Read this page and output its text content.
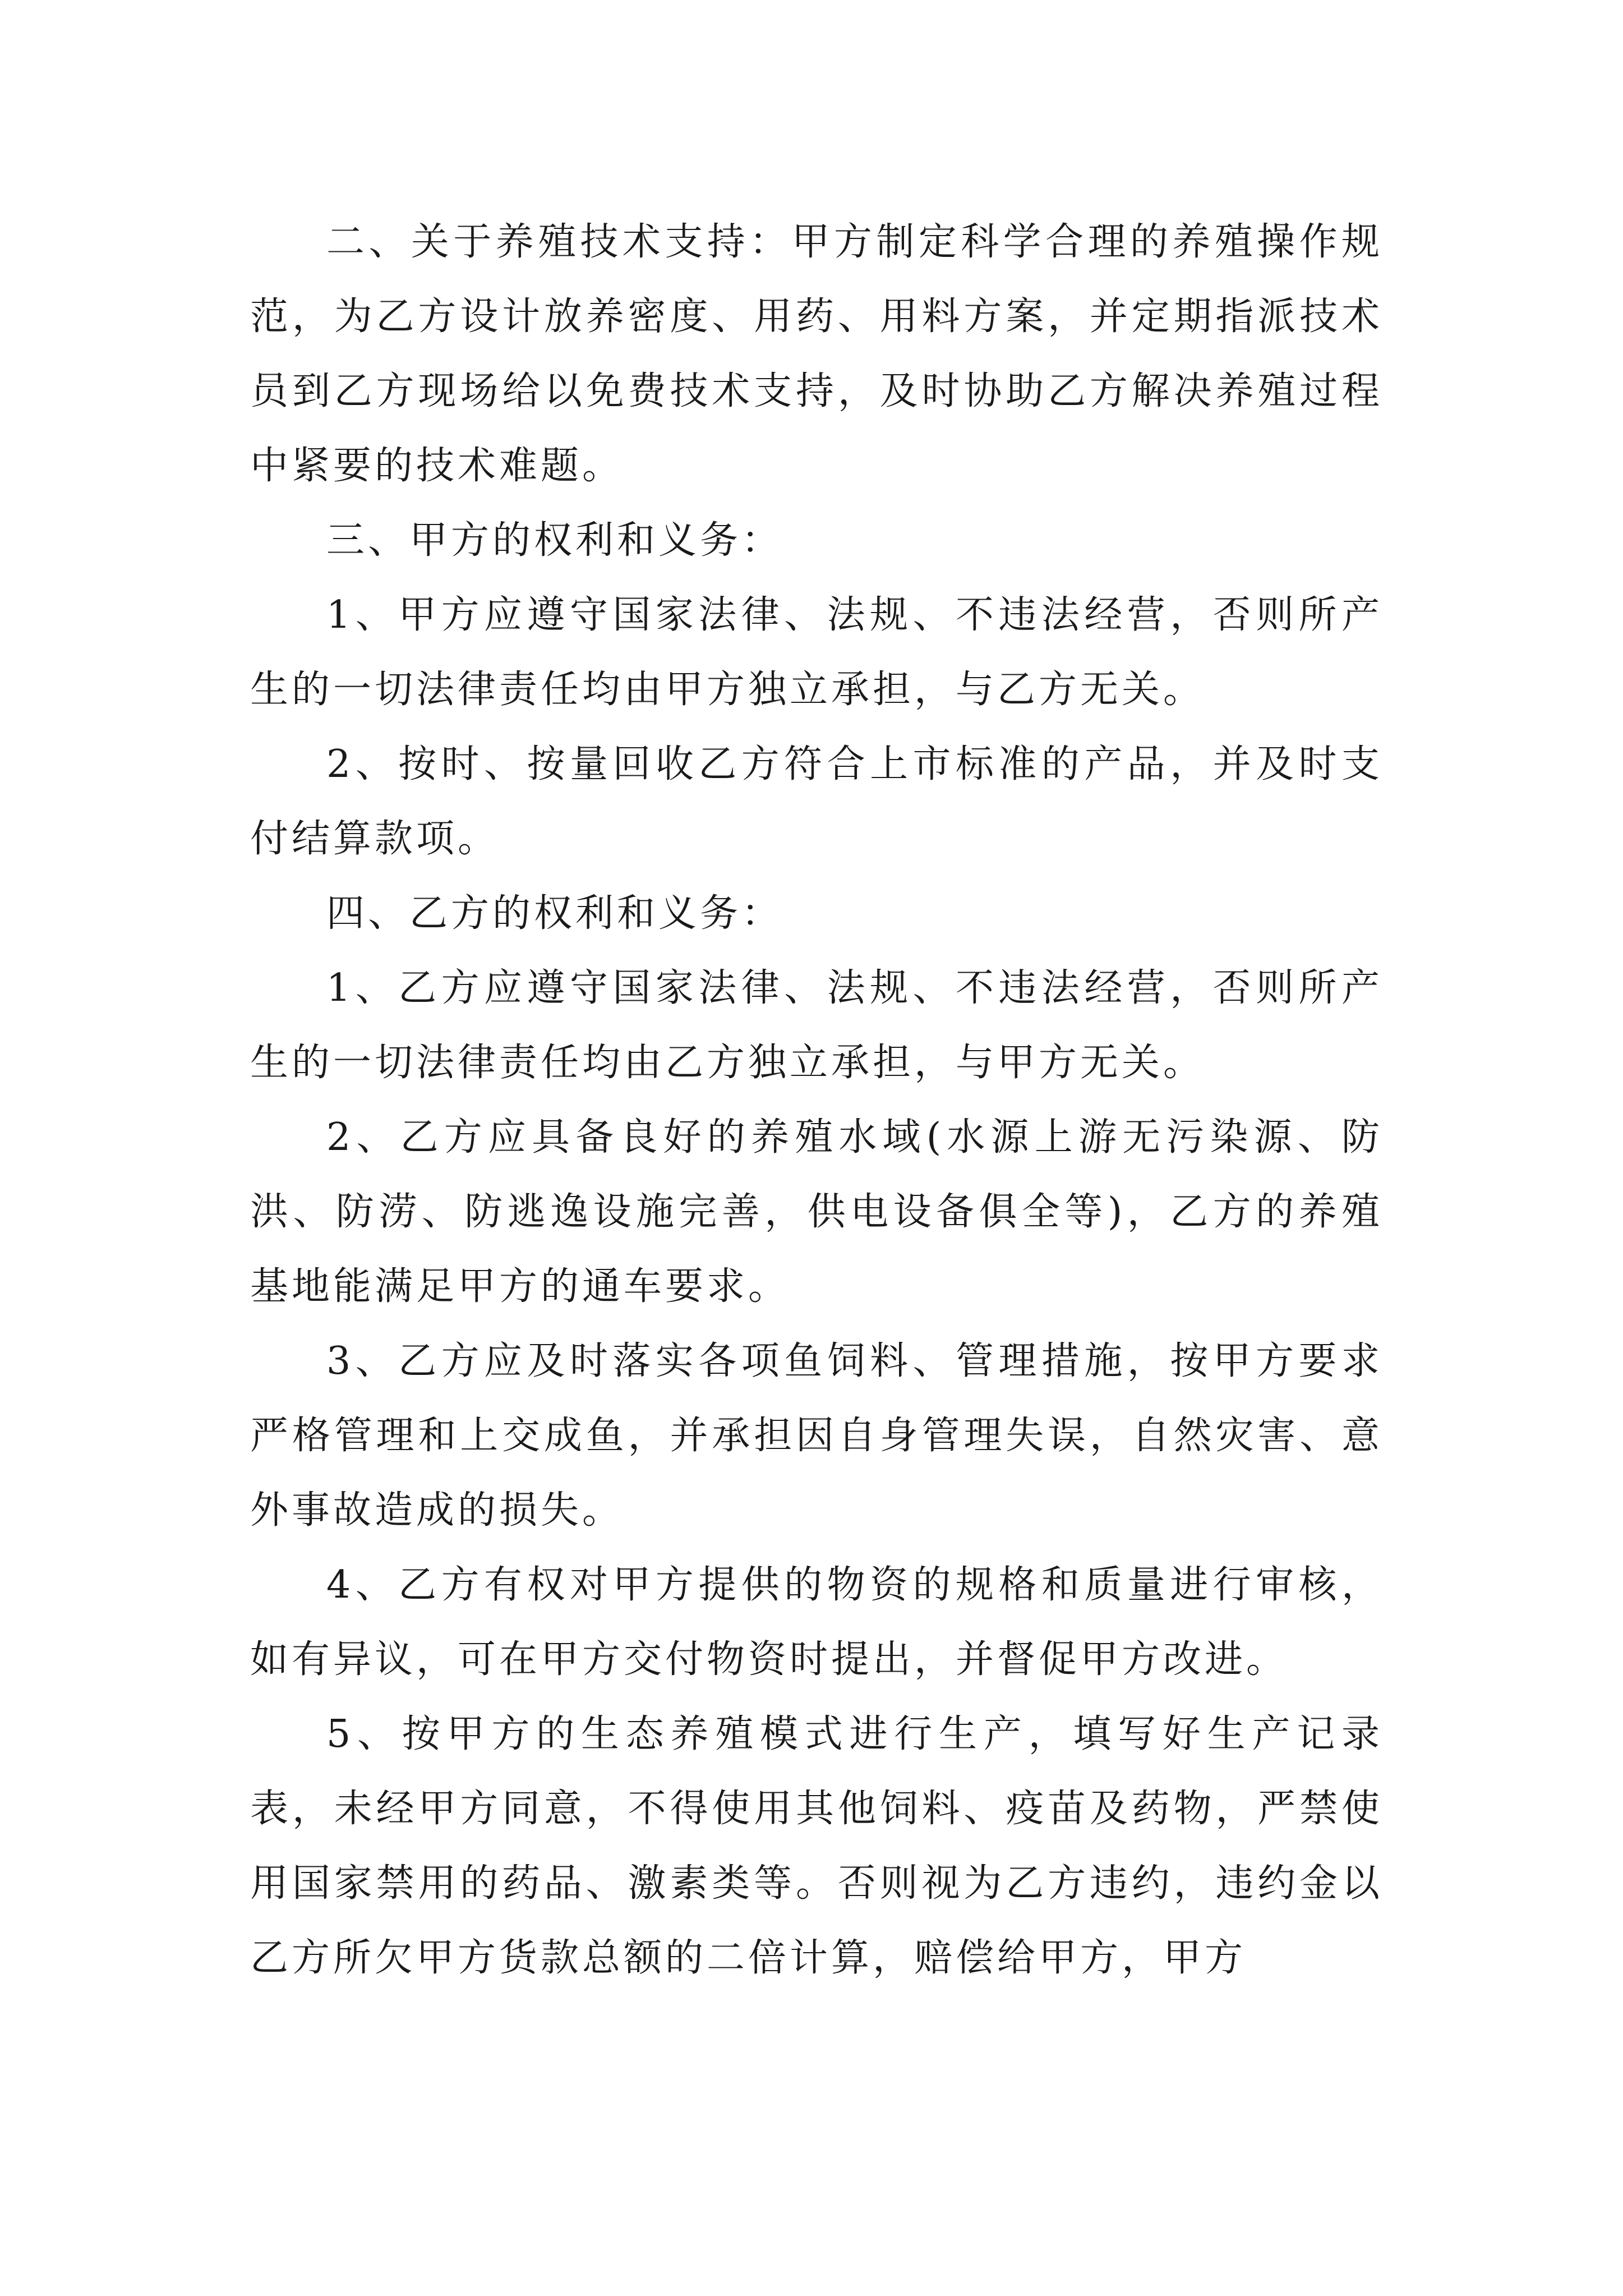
二、关于养殖技术支持：甲方制定科学合理的养殖操作规范，为乙方设计放养密度、用药、用料方案，并定期指派技术员到乙方现场给以免费技术支持，及时协助乙方解决养殖过程中紧要的技术难题。

三、甲方的权利和义务：

1、甲方应遵守国家法律、法规、不违法经营，否则所产生的一切法律责任均由甲方独立承担，与乙方无关。

2、按时、按量回收乙方符合上市标准的产品，并及时支付结算款项。

四、乙方的权利和义务：

1、乙方应遵守国家法律、法规、不违法经营，否则所产生的一切法律责任均由乙方独立承担，与甲方无关。

2、乙方应具备良好的养殖水域(水源上游无污染源、防洪、防涝、防逃逸设施完善，供电设备俱全等)，乙方的养殖基地能满足甲方的通车要求。

3、乙方应及时落实各项鱼饲料、管理措施，按甲方要求严格管理和上交成鱼，并承担因自身管理失误，自然灾害、意外事故造成的损失。

4、乙方有权对甲方提供的物资的规格和质量进行审核，如有异议，可在甲方交付物资时提出，并督促甲方改进。

5、按甲方的生态养殖模式进行生产，填写好生产记录表，未经甲方同意，不得使用其他饲料、疫苗及药物，严禁使用国家禁用的药品、激素类等。否则视为乙方违约，违约金以乙方所欠甲方货款总额的二倍计算，赔偿给甲方，甲方
